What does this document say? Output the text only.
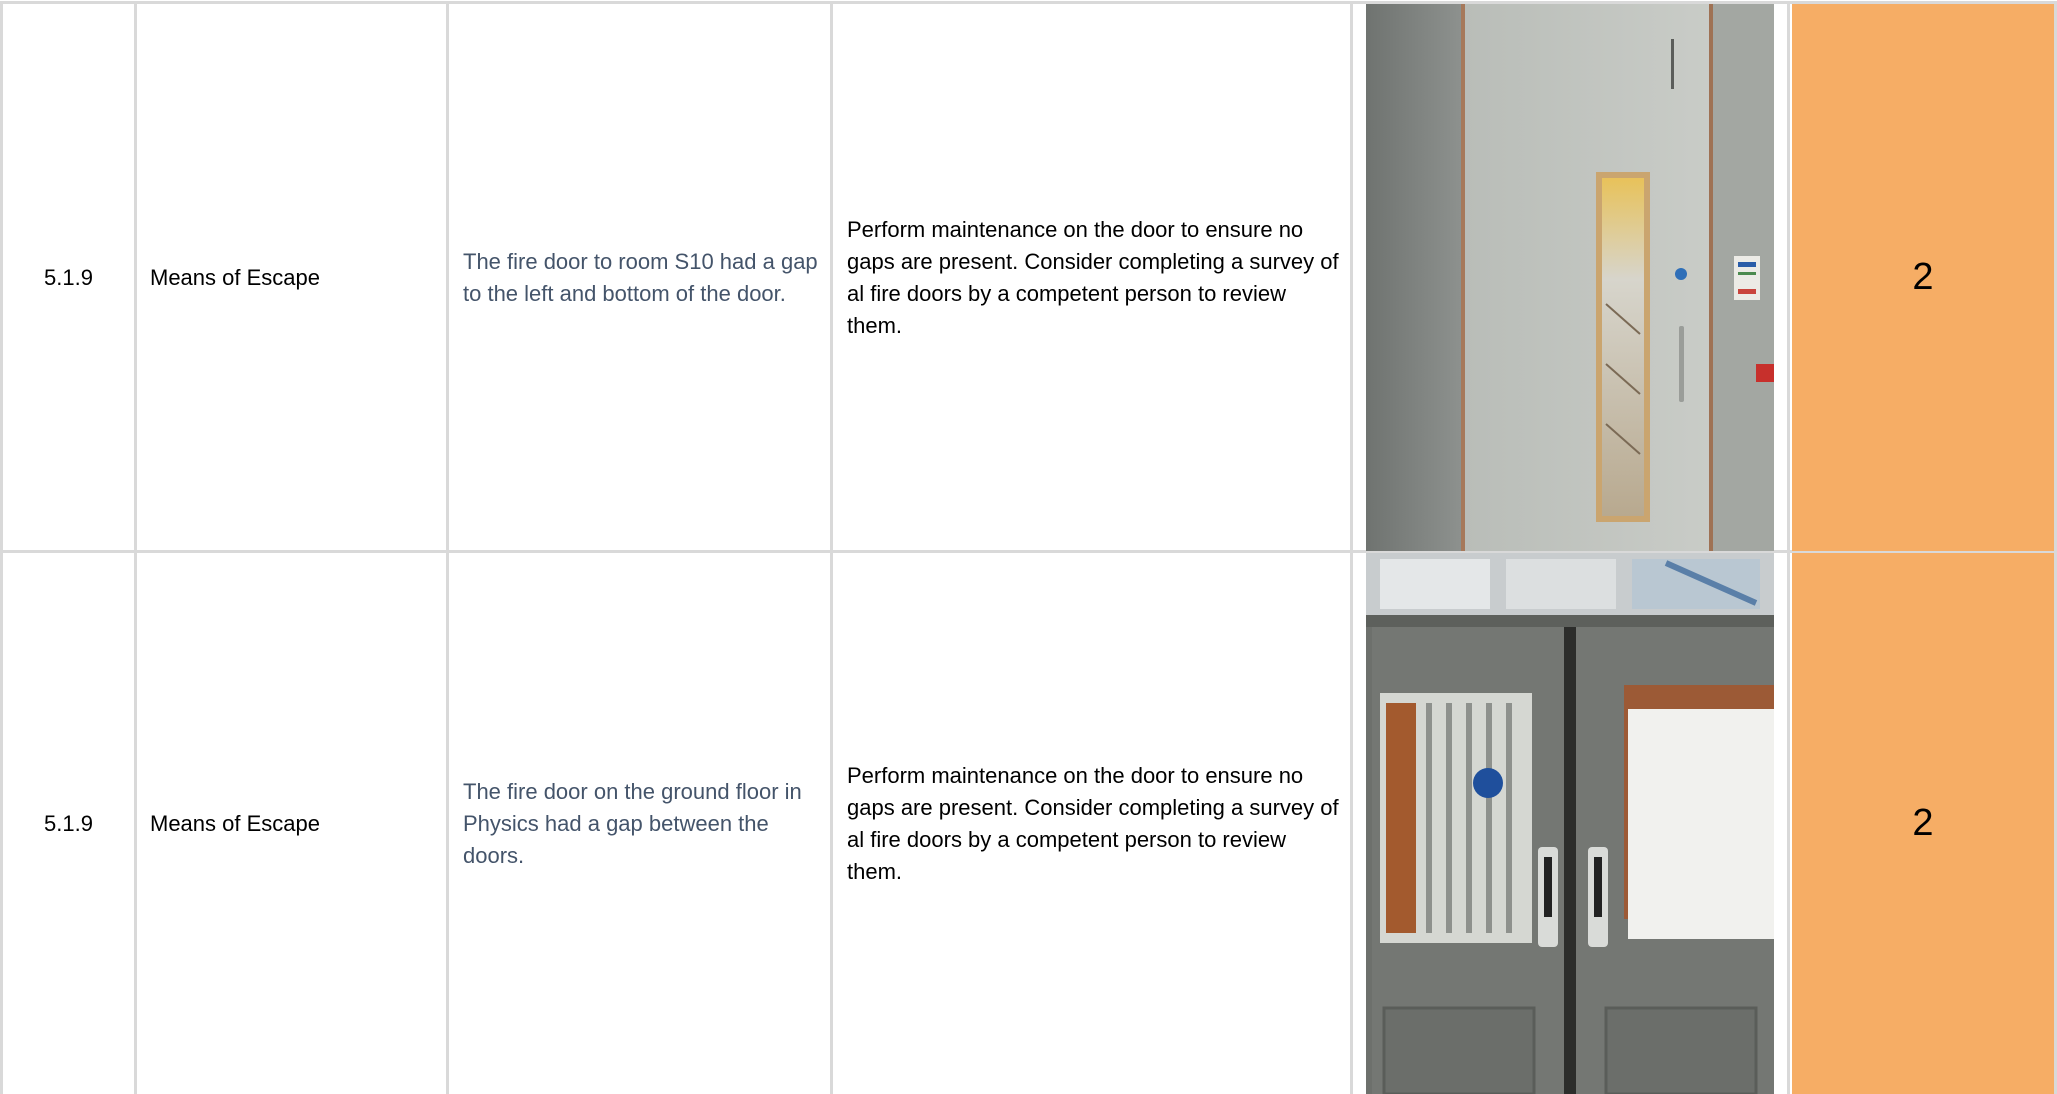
5.1.9	Means of Escape
The fire door to room S10 had a gap to the left and bottom of the door.
Perform maintenance on the door to ensure no gaps are present. Consider completing a survey of al fire doors by a competent person to review them.
2
5.1.9	Means of Escape
The fire door on the ground floor in Physics had a gap between the doors.
Perform maintenance on the door to ensure no gaps are present. Consider completing a survey of al fire doors by a competent person to review them.
2
